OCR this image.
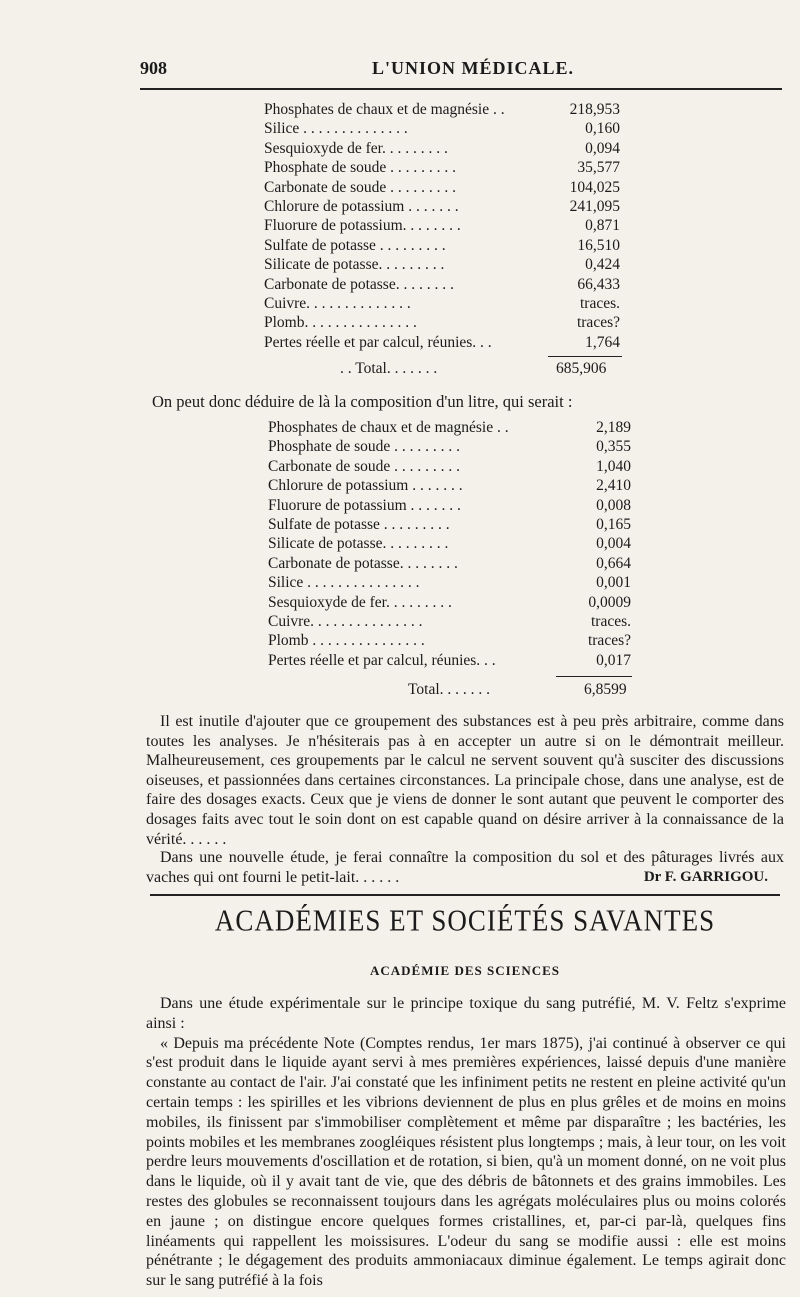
908	L'UNION MÉDICALE.
Phosphates de chaux et de magnésie . .	218,953
Silice . . . . . . . . . . . . . .	0,160
Sesquioxyde de fer. . . . . . . . .	0,094
Phosphate de soude . . . . . . . . .	35,577
Carbonate de soude . . . . . . . . .	104,025
Chlorure de potassium . . . . . . .	241,095
Fluorure de potassium. . . . . . . .	0,871
Sulfate de potasse . . . . . . . . .	16,510
Silicate de potasse. . . . . . . . .	0,424
Carbonate de potasse. . . . . . . .	66,433
Cuivre. . . . . . . . . . . . . .	traces.
Plomb. . . . . . . . . . . . . . .	traces?
Pertes réelle et par calcul, réunies. . .	1,764
. . Total. . . . . . .	685,906
On peut donc déduire de là la composition d'un litre, qui serait :
Phosphates de chaux et de magnésie . .	2,189
Phosphate de soude . . . . . . . . .	0,355
Carbonate de soude . . . . . . . . .	1,040
Chlorure de potassium . . . . . . .	2,410
Fluorure de potassium . . . . . . .	0,008
Sulfate de potasse . . . . . . . . .	0,165
Silicate de potasse. . . . . . . . .	0,004
Carbonate de potasse. . . . . . . .	0,664
Silice . . . . . . . . . . . . . . .	0,001
Sesquioxyde de fer. . . . . . . . .	0,0009
Cuivre. . . . . . . . . . . . . . .	traces.
Plomb . . . . . . . . . . . . . . .	traces?
Pertes réelle et par calcul, réunies. . .	0,017
Total. . . . . . .	6,8599
Il est inutile d'ajouter que ce groupement des substances est à peu près arbitraire, comme dans toutes les analyses. Je n'hésiterais pas à en accepter un autre si on le démontrait meilleur. Malheureusement, ces groupements par le calcul ne servent souvent qu'à susciter des discussions oiseuses, et passionnées dans certaines circonstances. La principale chose, dans une analyse, est de faire des dosages exacts. Ceux que je viens de donner le sont autant que peuvent le comporter des dosages faits avec tout le soin dont on est capable quand on désire arriver à la connaissance de la vérité. . . . . .
Dans une nouvelle étude, je ferai connaître la composition du sol et des pâturages livrés aux vaches qui ont fourni le petit-lait. . . . . .	Dr F. GARRIGOU.
ACADÉMIES ET SOCIÉTÉS SAVANTES
ACADÉMIE DES SCIENCES
Dans une étude expérimentale sur le principe toxique du sang putréfié, M. V. Feltz s'exprime ainsi :
« Depuis ma précédente Note (Comptes rendus, 1er mars 1875), j'ai continué à observer ce qui s'est produit dans le liquide ayant servi à mes premières expériences, laissé depuis d'une manière constante au contact de l'air. J'ai constaté que les infiniment petits ne restent en pleine activité qu'un certain temps : les spirilles et les vibrions deviennent de plus en plus grêles et de moins en moins mobiles, ils finissent par s'immobiliser complètement et même par disparaître ; les bactéries, les points mobiles et les membranes zoogléiques résistent plus longtemps ; mais, à leur tour, on les voit perdre leurs mouvements d'oscillation et de rotation, si bien, qu'à un moment donné, on ne voit plus dans le liquide, où il y avait tant de vie, que des débris de bâtonnets et des grains immobiles. Les restes des globules se reconnaissent toujours dans les agrégats moléculaires plus ou moins colorés en jaune ; on distingue encore quelques formes cristallines, et, par-ci par-là, quelques fins linéaments qui rappellent les moissisures. L'odeur du sang se modifie aussi : elle est moins pénétrante ; le dégagement des produits ammoniacaux diminue également. Le temps agirait donc sur le sang putréfié à la fois
